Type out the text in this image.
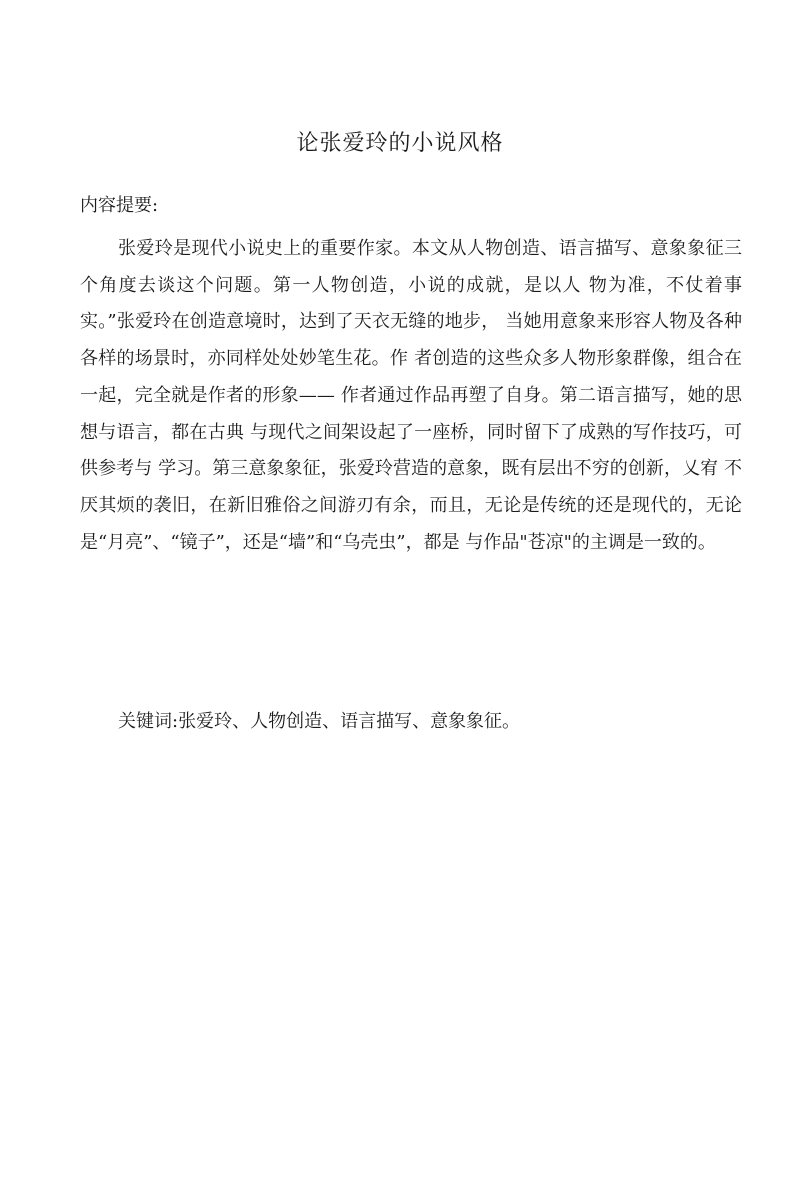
论张爱玲的小说风格
内容提要:

张爱玲是现代小说史上的重要作家。本文从人物创造、语言描写、意象象征三个角度去谈这个问题。第一人物创造，小说的成就，是以人 物为准，不仗着事实。”张爱玲在创造意境时，达到了天衣无缝的地步， 当她用意象来形容人物及各种各样的场景时，亦同样处处妙笔生花。作 者创造的这些众多人物形象群像，组合在一起，完全就是作者的形象—— 作者通过作品再塑了自身。第二语言描写，她的思想与语言，都在古典 与现代之间架设起了一座桥，同时留下了成熟的写作技巧，可供参考与 学习。第三意象象征，张爱玲营造的意象，既有层出不穷的创新，乂宥 不厌其烦的袭旧，在新旧雅俗之间游刃有余，而且，无论是传统的还是现代的，无论是“月亮”、“镜子”，还是“墙”和“乌壳虫”，都是 与作品"苍凉"的主调是一致的。

关键词:张爱玲、人物创造、语言描写、意象象征。
